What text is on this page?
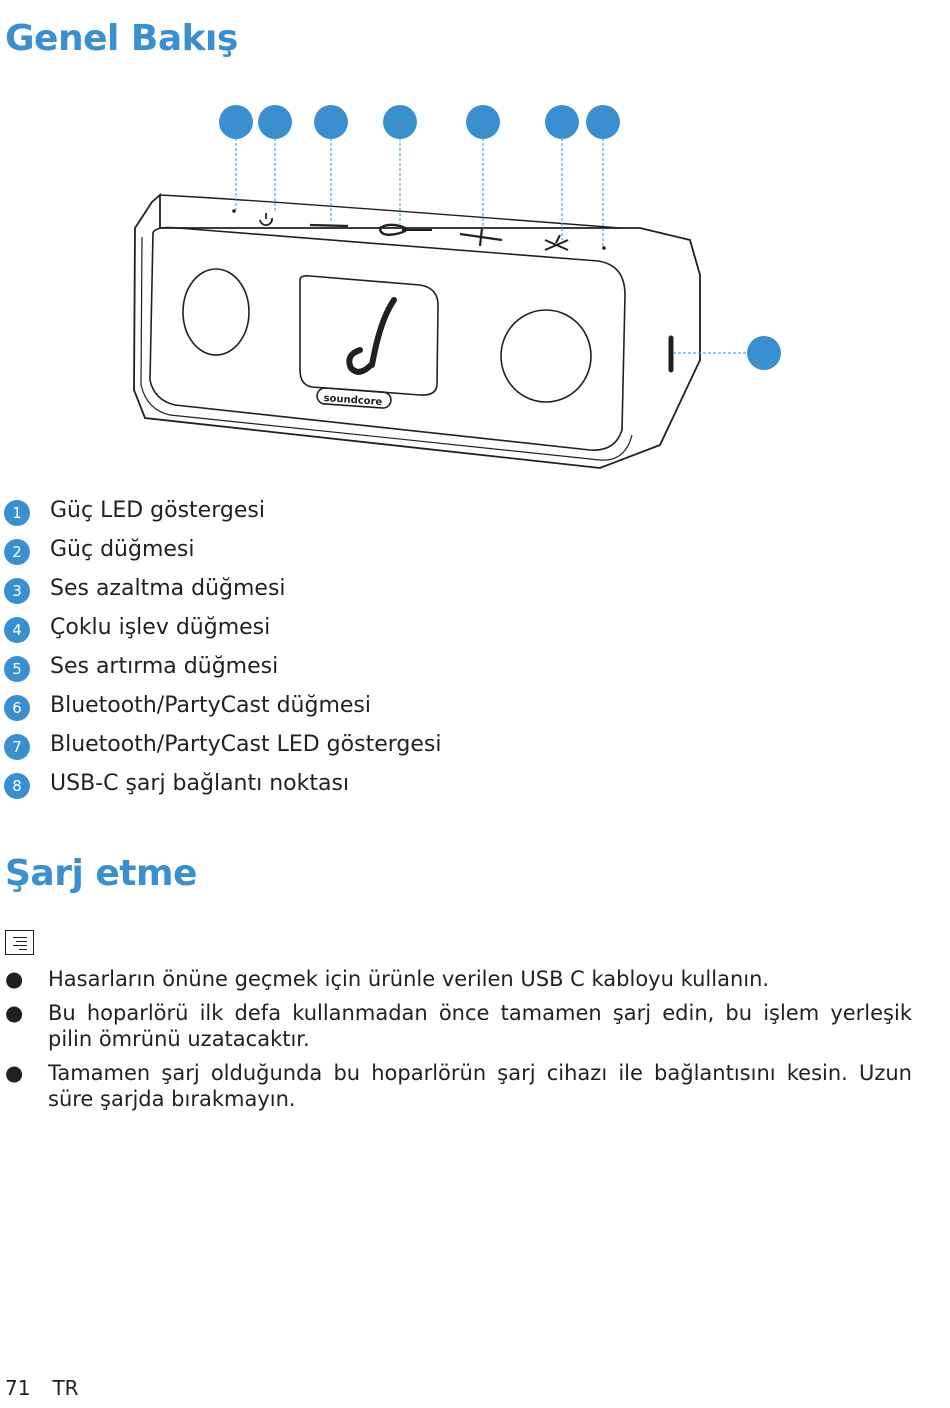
Genel Bakış
soundcore
1	Güç LED göstergesi
2	Güç düğmesi
3	Ses azaltma düğmesi
4	Çoklu işlev düğmesi
5	Ses artırma düğmesi
6	Bluetooth/PartyCast düğmesi
7	Bluetooth/PartyCast LED göstergesi
8	USB-C şarj bağlantı noktası
Şarj etme
● Hasarların önüne geçmek için ürünle verilen USB C kabloyu kullanın.
● Bu hoparlörü ilk defa kullanmadan önce tamamen şarj edin, bu işlem yerleşik pilin ömrünü uzatacaktır.
● Tamamen şarj olduğunda bu hoparlörün şarj cihazı ile bağlantısını kesin. Uzun süre şarjda bırakmayın.
71 TR
